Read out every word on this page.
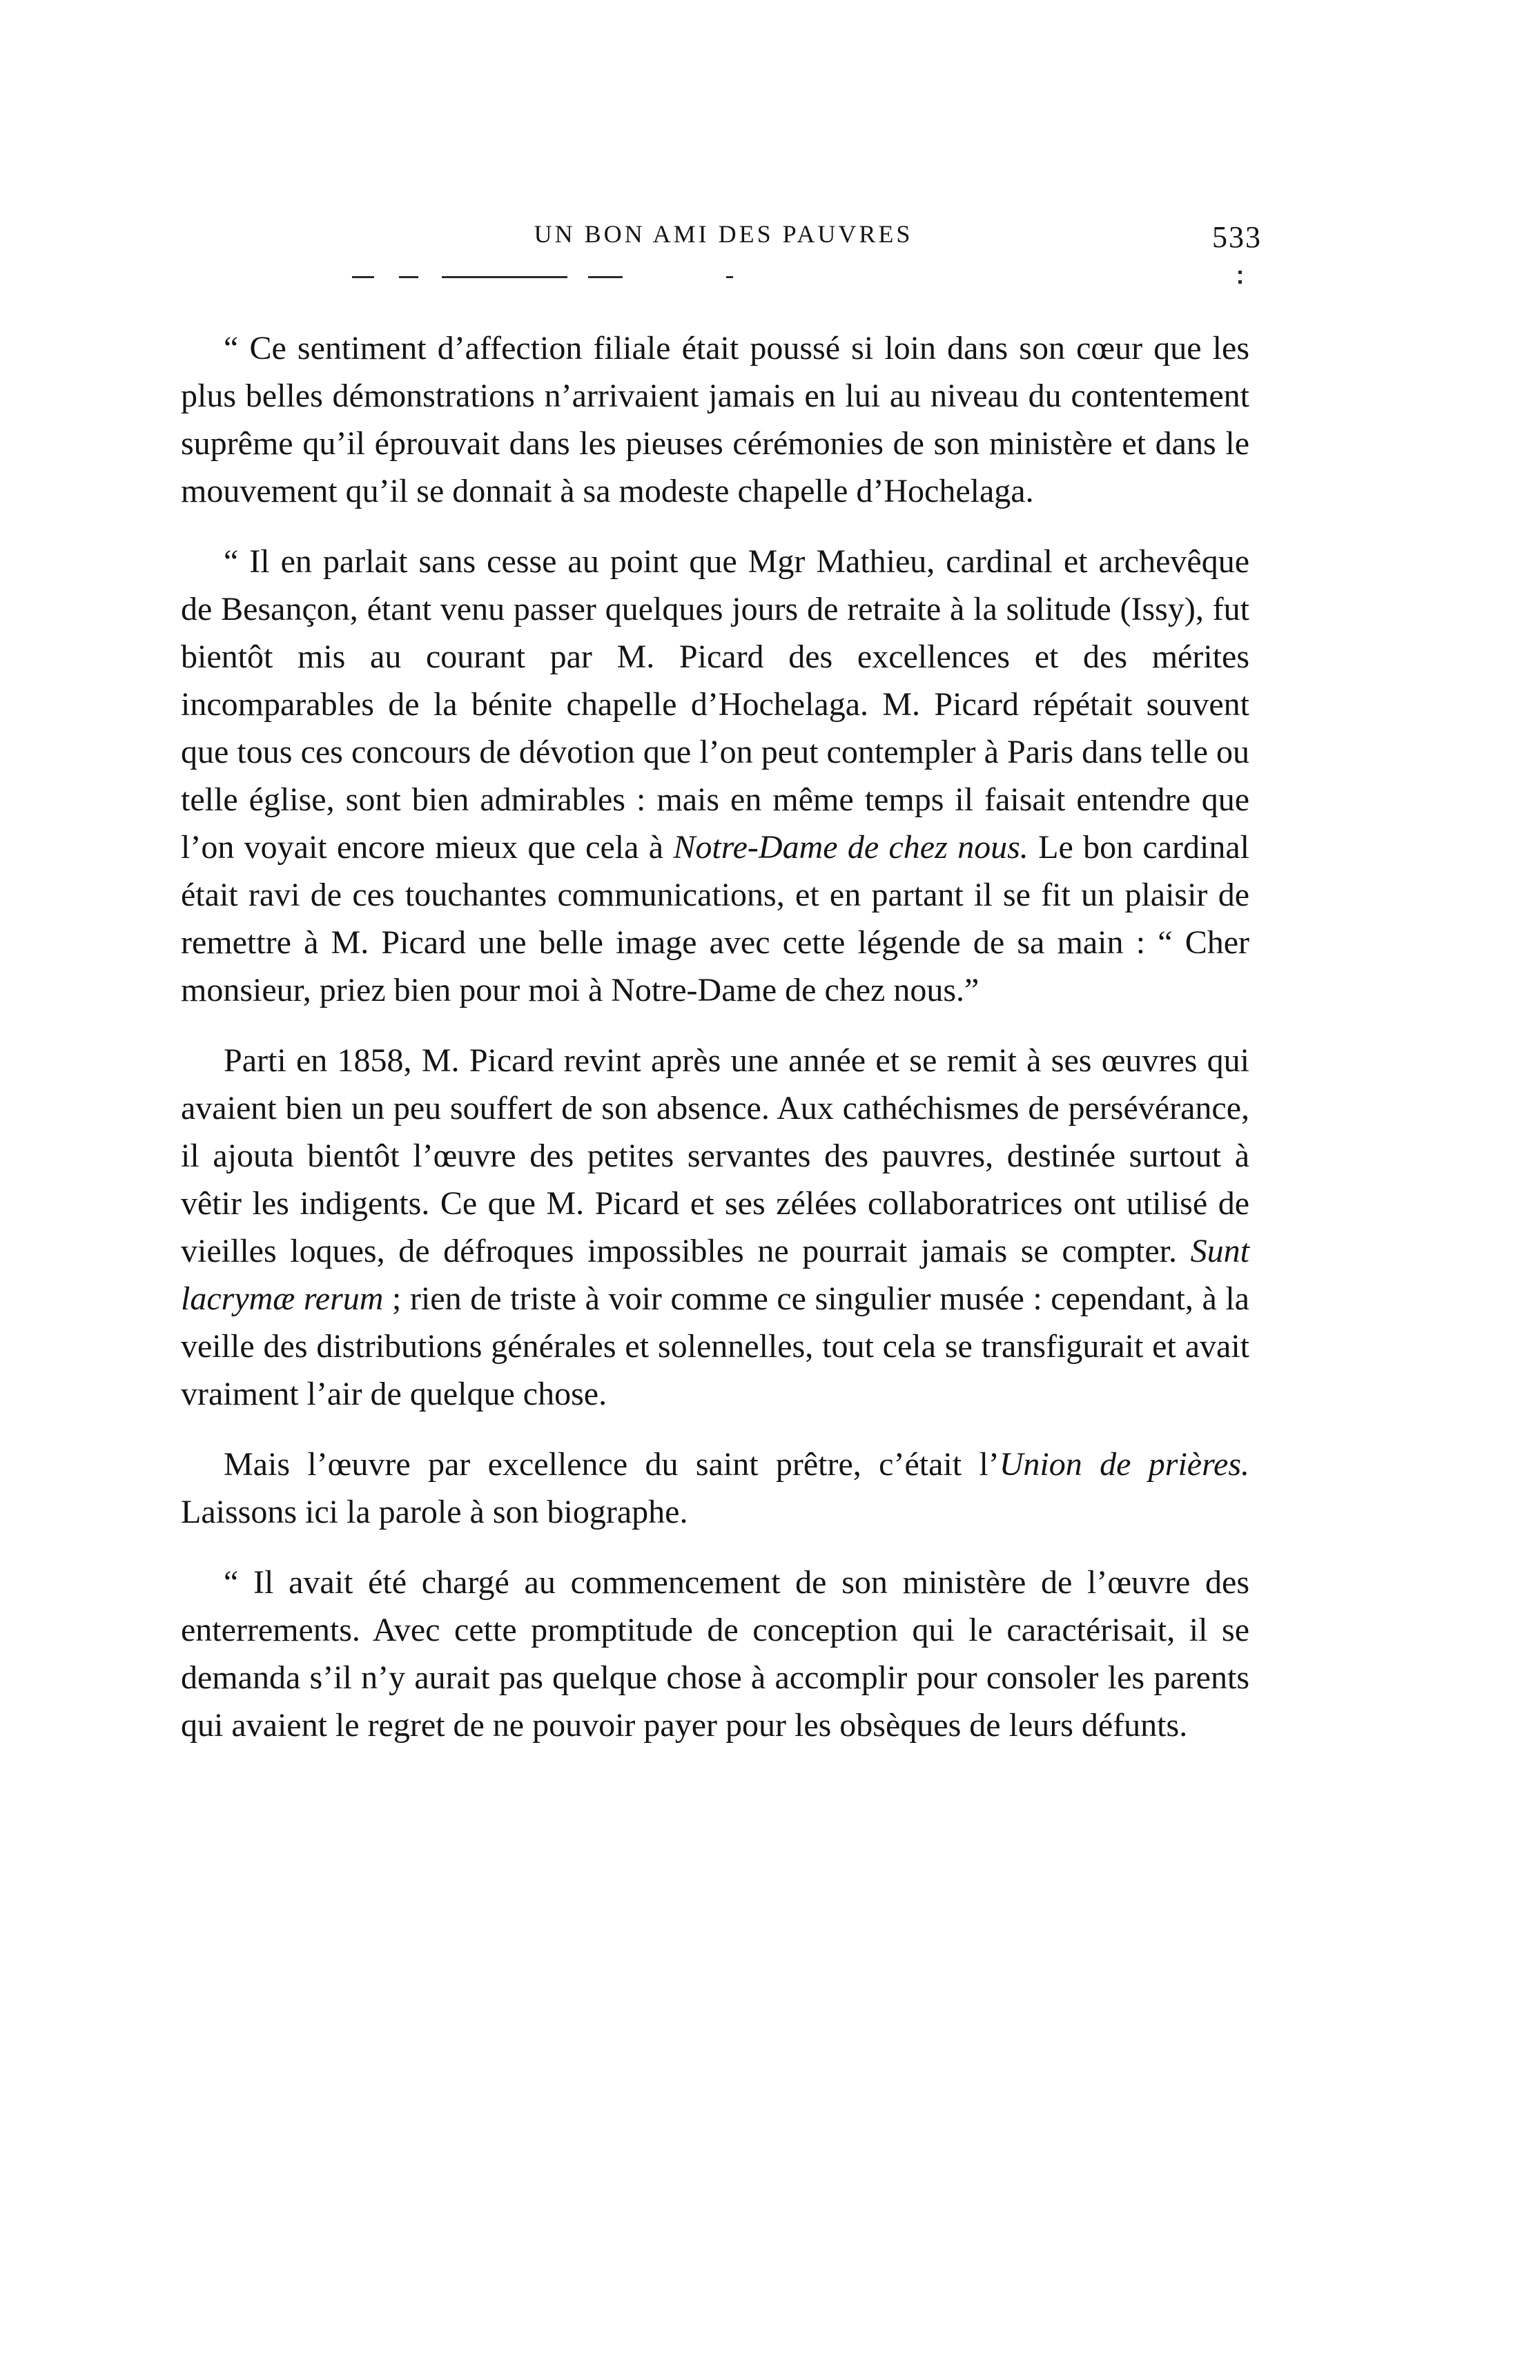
UN BON AMI DES PAUVRES	533

“ Ce sentiment d’affection filiale était poussé si loin dans son cœur que les plus belles démonstrations n’arrivaient jamais en lui au niveau du contentement suprême qu’il éprouvait dans les pieuses cérémonies de son ministère et dans le mouvement qu’il se donnait à sa modeste chapelle d’Hochelaga.

“ Il en parlait sans cesse au point que Mgr Mathieu, cardinal et archevêque de Besançon, étant venu passer quelques jours de retraite à la solitude (Issy), fut bientôt mis au courant par M. Picard des excellences et des mérites incomparables de la bénite chapelle d’Hochelaga. M. Picard répétait souvent que tous ces concours de dévotion que l’on peut contempler à Paris dans telle ou telle église, sont bien admirables : mais en même temps il faisait entendre que l’on voyait encore mieux que cela à Notre-Dame de chez nous. Le bon cardinal était ravi de ces touchantes communications, et en partant il se fit un plaisir de remettre à M. Picard une belle image avec cette légende de sa main : “ Cher monsieur, priez bien pour moi à Notre-Dame de chez nous.”

Parti en 1858, M. Picard revint après une année et se remit à ses œuvres qui avaient bien un peu souffert de son absence. Aux cathéchismes de persévérance, il ajouta bientôt l’œuvre des petites servantes des pauvres, destinée surtout à vêtir les indigents. Ce que M. Picard et ses zélées collaboratrices ont utilisé de vieilles loques, de défroques impossibles ne pourrait jamais se compter. Sunt lacrymæ rerum ; rien de triste à voir comme ce singulier musée : cependant, à la veille des distributions générales et solennelles, tout cela se transfigurait et avait vraiment l’air de quelque chose.

Mais l’œuvre par excellence du saint prêtre, c’était l’Union de prières. Laissons ici la parole à son biographe.

“ Il avait été chargé au commencement de son ministère de l’œuvre des enterrements. Avec cette promptitude de conception qui le caractérisait, il se demanda s’il n’y aurait pas quelque chose à accomplir pour consoler les parents qui avaient le regret de ne pouvoir payer pour les obsèques de leurs défunts.
